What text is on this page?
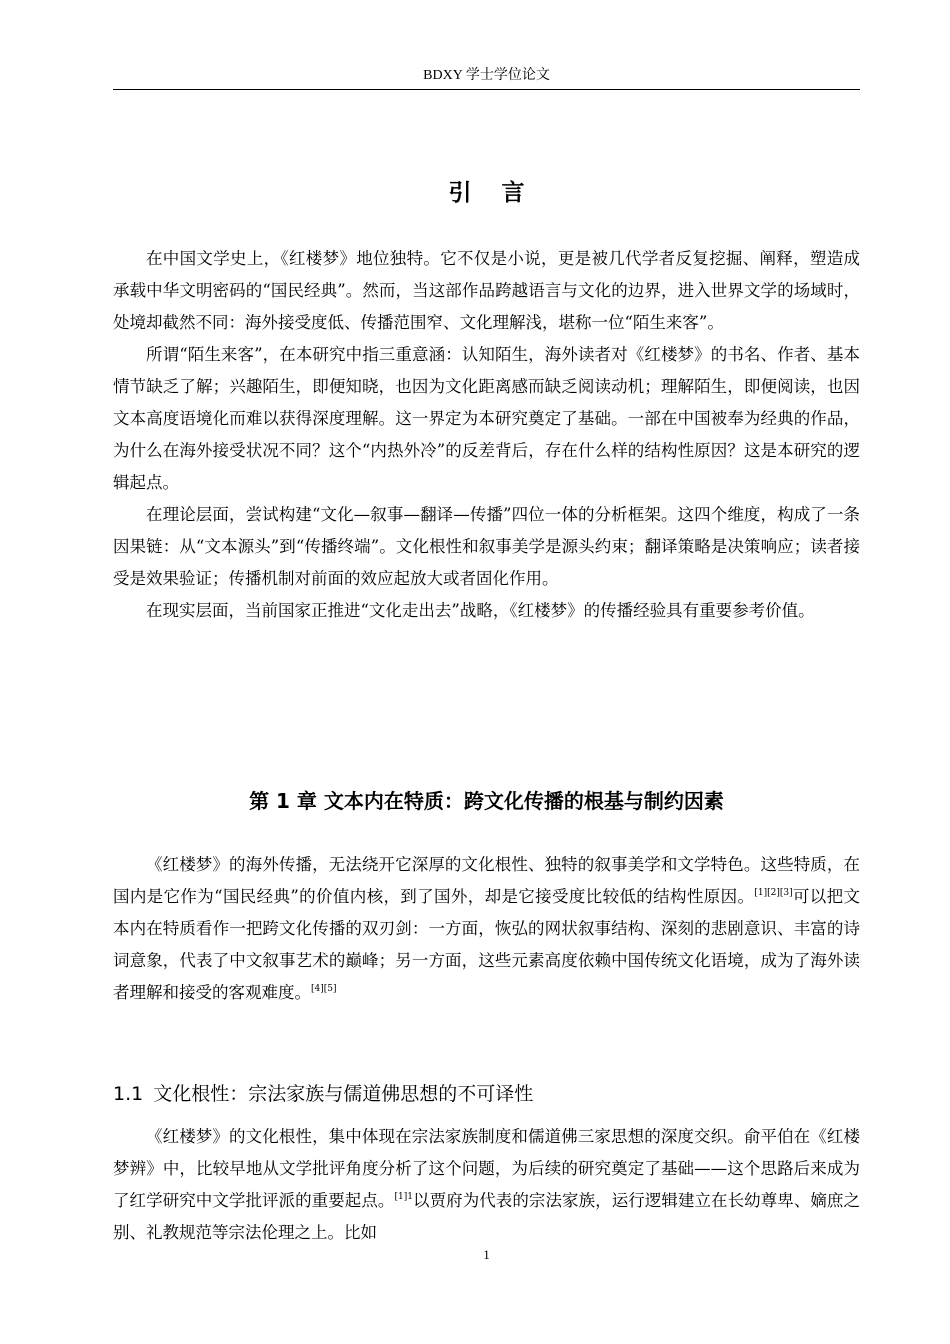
BDXY 学士学位论文
引 言

在中国文学史上，《红楼梦》地位独特。它不仅是小说，更是被几代学者反复挖掘、阐释，塑造成承载中华文明密码的“国民经典”。然而，当这部作品跨越语言与文化的边界，进入世界文学的场域时，处境却截然不同：海外接受度低、传播范围窄、文化理解浅，堪称一位“陌生来客”。

所谓“陌生来客”，在本研究中指三重意涵：认知陌生，海外读者对《红楼梦》的书名、作者、基本情节缺乏了解；兴趣陌生，即便知晓，也因为文化距离感而缺乏阅读动机；理解陌生，即便阅读，也因文本高度语境化而难以获得深度理解。这一界定为本研究奠定了基础。一部在中国被奉为经典的作品，为什么在海外接受状况不同？这个“内热外冷”的反差背后，存在什么样的结构性原因？这是本研究的逻辑起点。

在理论层面，尝试构建“文化—叙事—翻译—传播”四位一体的分析框架。这四个维度，构成了一条因果链：从“文本源头”到“传播终端”。文化根性和叙事美学是源头约束；翻译策略是决策响应；读者接受是效果验证；传播机制对前面的效应起放大或者固化作用。

在现实层面，当前国家正推进“文化走出去”战略，《红楼梦》的传播经验具有重要参考价值。

第 1 章 文本内在特质：跨文化传播的根基与制约因素

《红楼梦》的海外传播，无法绕开它深厚的文化根性、独特的叙事美学和文学特色。这些特质，在国内是它作为“国民经典”的价值内核，到了国外，却是它接受度比较低的结构性原因。[1][2][3]可以把文本内在特质看作一把跨文化传播的双刃剑：一方面，恢弘的网状叙事结构、深刻的悲剧意识、丰富的诗词意象，代表了中文叙事艺术的巅峰；另一方面，这些元素高度依赖中国传统文化语境，成为了海外读者理解和接受的客观难度。[4][5]

1.1 文化根性：宗法家族与儒道佛思想的不可译性

《红楼梦》的文化根性，集中体现在宗法家族制度和儒道佛三家思想的深度交织。俞平伯在《红楼梦辨》中，比较早地从文学批评角度分析了这个问题，为后续的研究奠定了基础——这个思路后来成为了红学研究中文学批评派的重要起点。$^{[1]1}$以贾府为代表的宗法家族，运行逻辑建立在长幼尊卑、嫡庶之别、礼教规范等宗法伦理之上。比如

1
